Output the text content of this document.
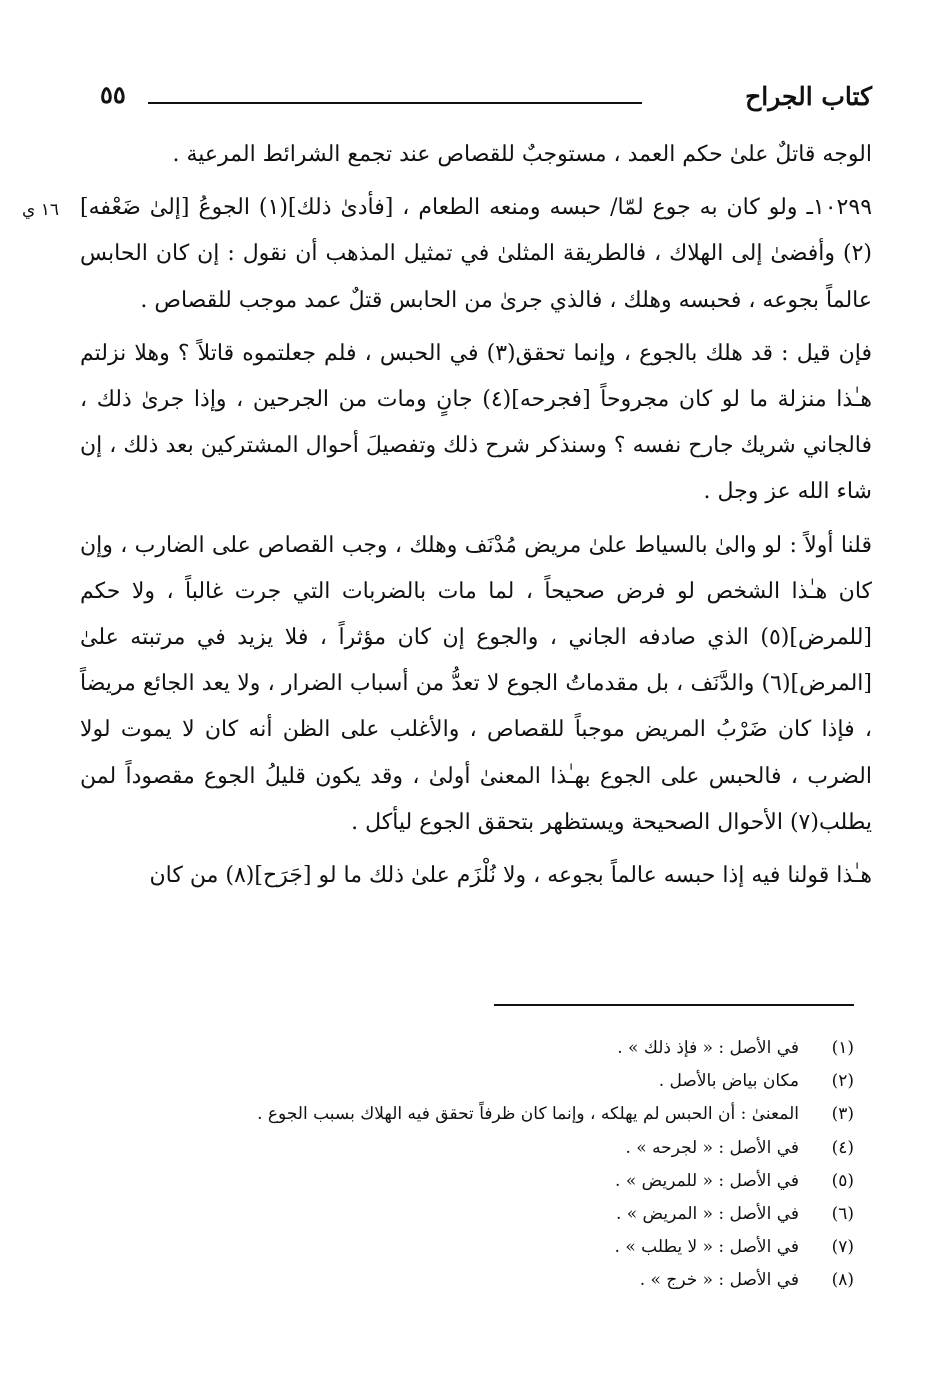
كتاب الجراح
٥٥
١٦ ي

الوجه قاتلٌ علىٰ حكم العمد ، مستوجبٌ للقصاص عند تجمع الشرائط المرعية .

١٠٢٩٩ـ ولو كان به جوع لمّا/ حبسه ومنعه الطعام ، [فأدىٰ ذلك](١) الجوعُ [إلىٰ ضَعْفه](٢) وأفضىٰ إلى الهلاك ، فالطريقة المثلىٰ في تمثيل المذهب أن نقول : إن كان الحابس عالماً بجوعه ، فحبسه وهلك ، فالذي جرىٰ من الحابس قتلٌ عمد موجب للقصاص .

فإن قيل : قد هلك بالجوع ، وإنما تحقق(٣) في الحبس ، فلم جعلتموه قاتلاً ؟ وهلا نزلتم هـٰذا منزلة ما لو كان مجروحاً [فجرحه](٤) جانٍ ومات من الجرحين ، وإذا جرىٰ ذلك ، فالجاني شريك جارح نفسه ؟ وسنذكر شرح ذلك وتفصيلَ أحوال المشتركين بعد ذلك ، إن شاء الله عز وجل .

قلنا أولاً : لو والىٰ بالسياط علىٰ مريض مُدْنَف وهلك ، وجب القصاص على الضارب ، وإن كان هـٰذا الشخص لو فرض صحيحاً ، لما مات بالضربات التي جرت غالباً ، ولا حكم [للمرض](٥) الذي صادفه الجاني ، والجوع إن كان مؤثراً ، فلا يزيد في مرتبته علىٰ [المرض](٦) والدَّنَف ، بل مقدماتُ الجوع لا تعدُّ من أسباب الضرار ، ولا يعد الجائع مريضاً ، فإذا كان ضَرْبُ المريض موجباً للقصاص ، والأغلب على الظن أنه كان لا يموت لولا الضرب ، فالحبس على الجوع بهـٰذا المعنىٰ أولىٰ ، وقد يكون قليلُ الجوع مقصوداً لمن يطلب(٧) الأحوال الصحيحة ويستظهر بتحقق الجوع ليأكل .

هـٰذا قولنا فيه إذا حبسه عالماً بجوعه ، ولا نُلْزَم علىٰ ذلك ما لو [جَرَح](٨) من كان

(١)في الأصل : « فإذ ذلك » .
(٢)مكان بياض بالأصل .
(٣)المعنىٰ : أن الحبس لم يهلكه ، وإنما كان ظرفاً تحقق فيه الهلاك بسبب الجوع .
(٤)في الأصل : « لجرحه » .
(٥)في الأصل : « للمريض » .
(٦)في الأصل : « المريض » .
(٧)في الأصل : « لا يطلب » .
(٨)في الأصل : « خرج » .
